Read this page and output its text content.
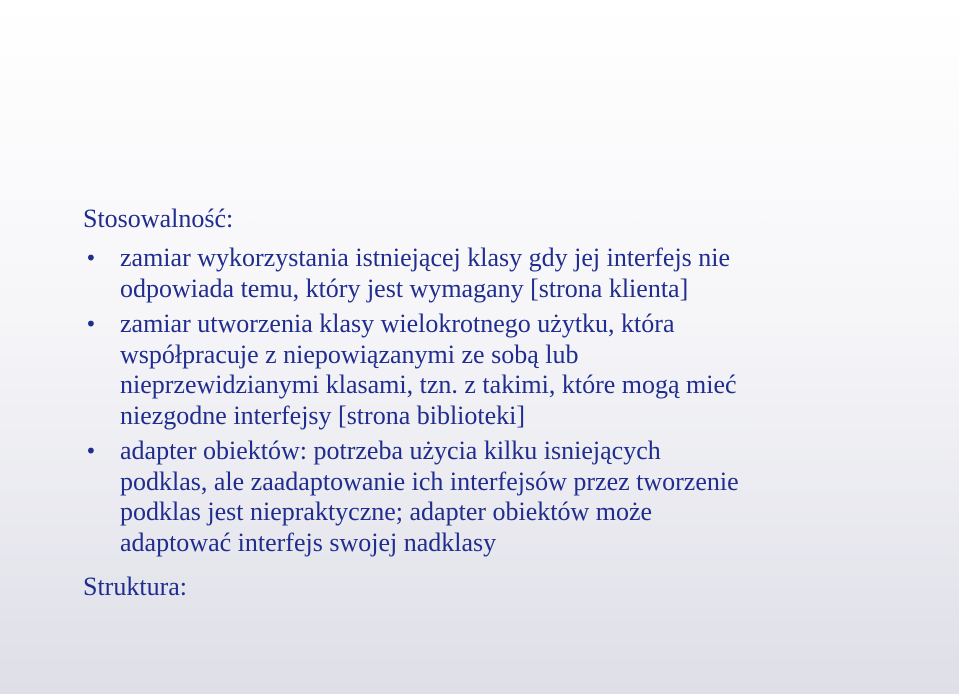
Stosowalność:
• zamiar wykorzystania istniejącej klasy gdy jej interfejs nie
odpowiada temu, który jest wymagany [strona klienta]
• zamiar utworzenia klasy wielokrotnego użytku, która
współpracuje z niepowiązanymi ze sobą lub
nieprzewidzianymi klasami, tzn. z takimi, które mogą mieć
niezgodne interfejsy [strona biblioteki]
• adapter obiektów: potrzeba użycia kilku isniejących
podklas, ale zaadaptowanie ich interfejsów przez tworzenie
podklas jest niepraktyczne; adapter obiektów może
adaptować interfejs swojej nadklasy
Struktura:
